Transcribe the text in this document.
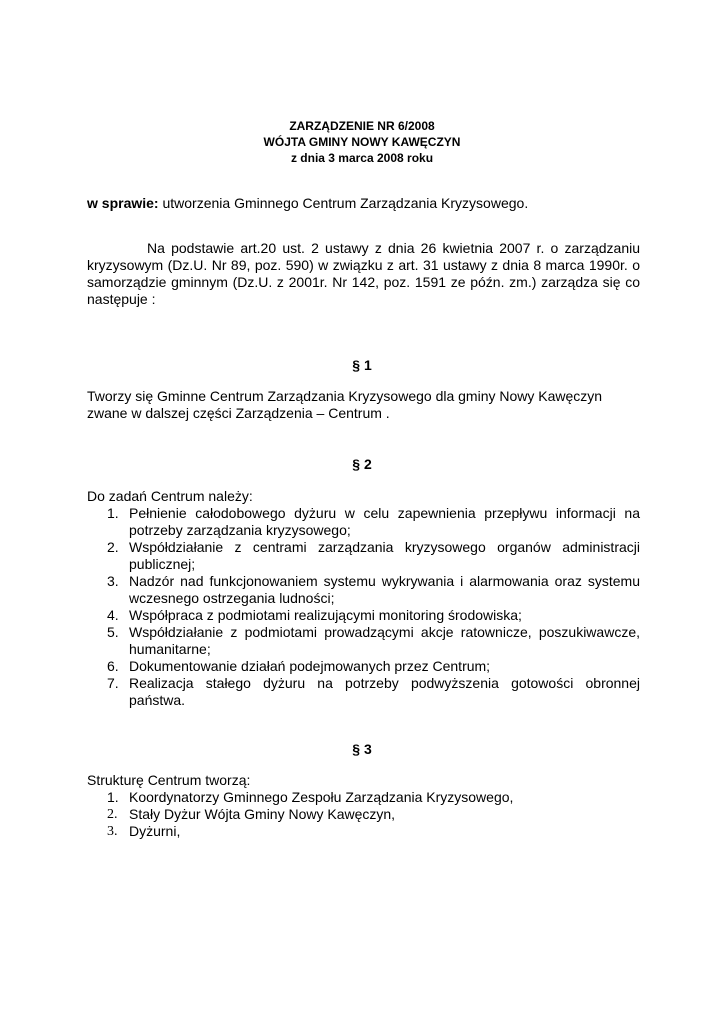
ZARZĄDZENIE NR 6/2008
WÓJTA GMINY NOWY KAWĘCZYN
z dnia 3 marca 2008 roku
w sprawie: utworzenia Gminnego Centrum Zarządzania Kryzysowego.
Na podstawie art.20 ust. 2 ustawy z dnia 26 kwietnia 2007 r. o zarządzaniu kryzysowym (Dz.U. Nr 89, poz. 590) w związku z art. 31 ustawy z dnia 8 marca 1990r. o samorządzie gminnym (Dz.U. z 2001r. Nr 142, poz. 1591 ze późn. zm.) zarządza się co następuje :
§ 1
Tworzy się Gminne Centrum Zarządzania Kryzysowego dla gminy Nowy Kawęczyn
zwane w dalszej części Zarządzenia – Centrum .
§ 2
Do zadań Centrum należy:
1. Pełnienie całodobowego dyżuru w celu zapewnienia przepływu informacji na potrzeby zarządzania kryzysowego;
2. Współdziałanie z centrami zarządzania kryzysowego organów administracji publicznej;
3. Nadzór nad funkcjonowaniem systemu wykrywania i alarmowania oraz systemu wczesnego ostrzegania ludności;
4. Współpraca z podmiotami realizującymi monitoring środowiska;
5. Współdziałanie z podmiotami prowadzącymi akcje ratownicze, poszukiwawcze, humanitarne;
6. Dokumentowanie działań podejmowanych przez Centrum;
7. Realizacja stałego dyżuru na potrzeby podwyższenia gotowości obronnej państwa.
§ 3
Strukturę Centrum tworzą:
1. Koordynatorzy Gminnego Zespołu Zarządzania Kryzysowego,
2. Stały Dyżur Wójta Gminy Nowy Kawęczyn,
3. Dyżurni,
